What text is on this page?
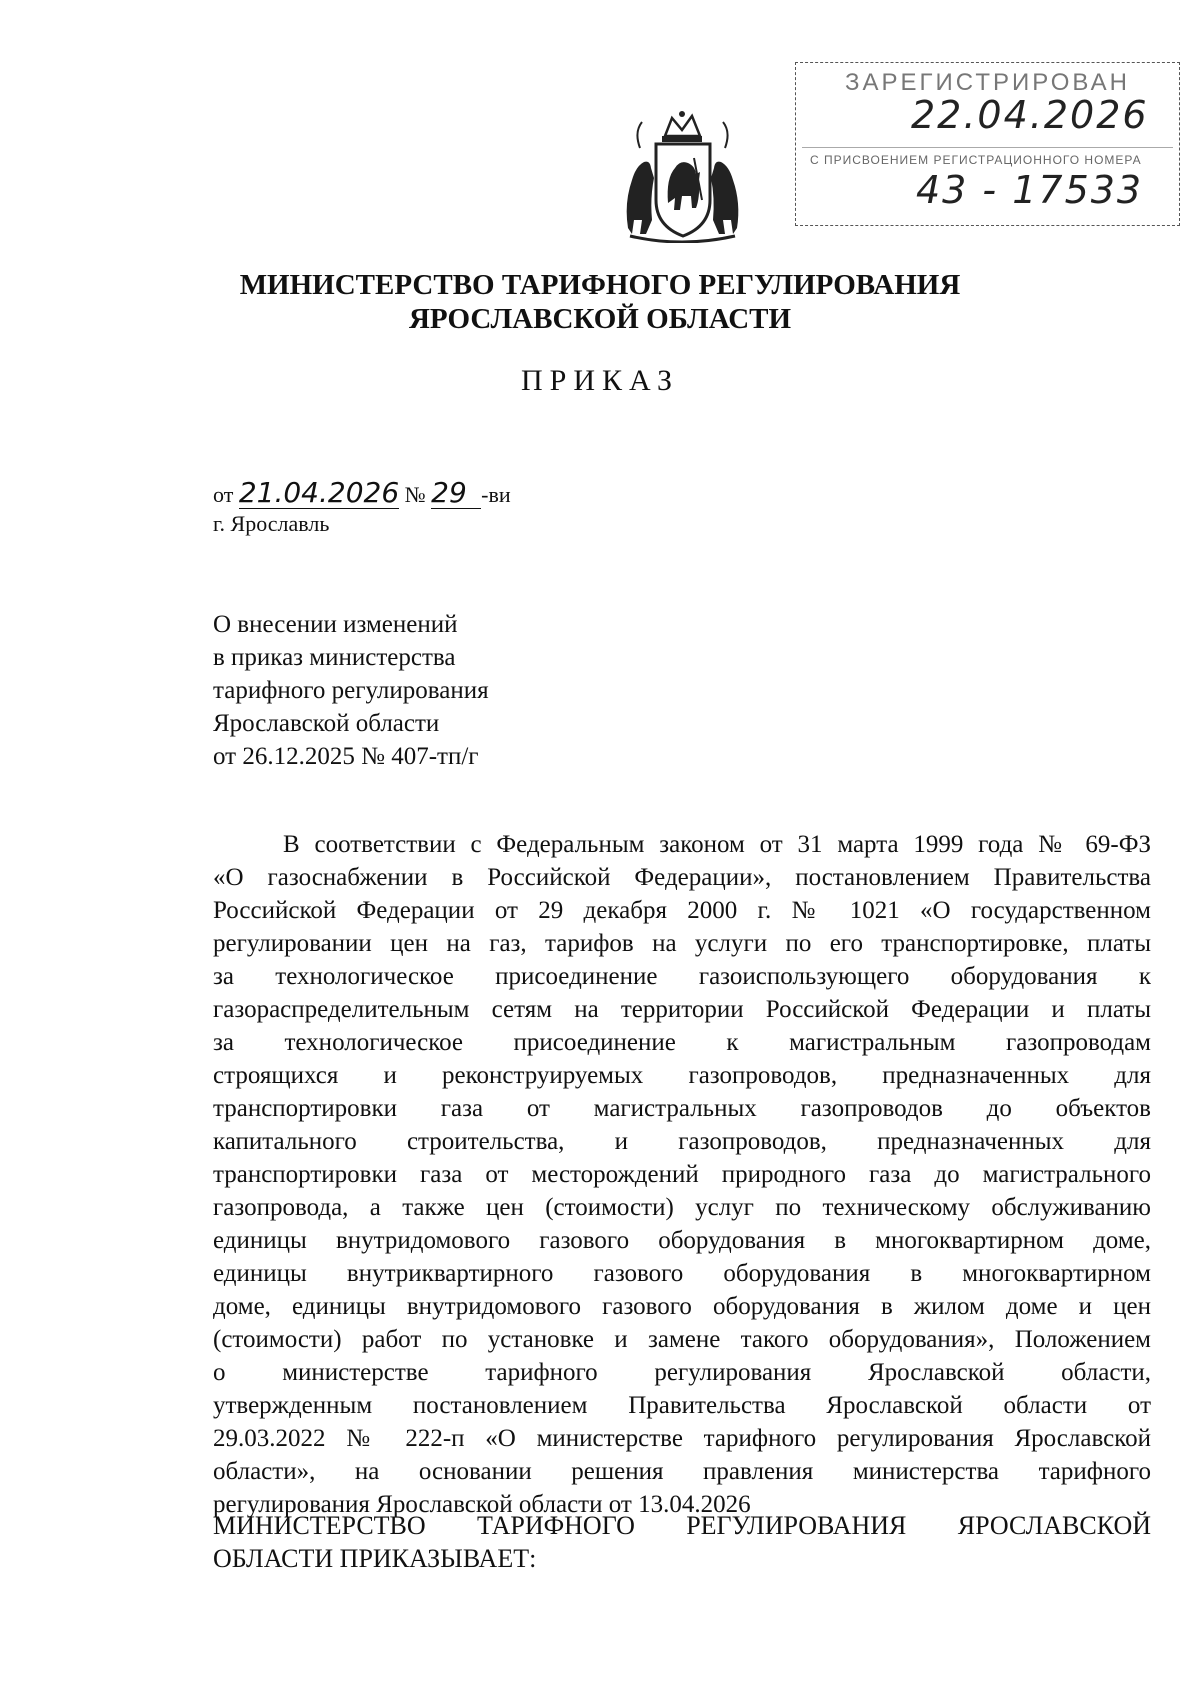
ЗАРЕГИСТРИРОВАН
22.04.2026
С ПРИСВОЕНИЕМ РЕГИСТРАЦИОННОГО НОМЕРА
43 - 17533
МИНИСТЕРСТВО ТАРИФНОГО РЕГУЛИРОВАНИЯ
ЯРОСЛАВСКОЙ ОБЛАСТИ
ПРИКАЗ
от 21.04.2026 № 29 -ви
г. Ярославль
О внесении изменений
в приказ министерства
тарифного регулирования
Ярославской области
от 26.12.2025 № 407-тп/г
В соответствии с Федеральным законом от 31 марта 1999 года № 69-ФЗ
«О газоснабжении в Российской Федерации», постановлением Правительства
Российской Федерации от 29 декабря 2000 г. № 1021 «О государственном
регулировании цен на газ, тарифов на услуги по его транспортировке, платы
за технологическое присоединение газоиспользующего оборудования к
газораспределительным сетям на территории Российской Федерации и платы
за технологическое присоединение к магистральным газопроводам
строящихся и реконструируемых газопроводов, предназначенных для
транспортировки газа от магистральных газопроводов до объектов
капитального строительства, и газопроводов, предназначенных для
транспортировки газа от месторождений природного газа до магистрального
газопровода, а также цен (стоимости) услуг по техническому обслуживанию
единицы внутридомового газового оборудования в многоквартирном доме,
единицы внутриквартирного газового оборудования в многоквартирном
доме, единицы внутридомового газового оборудования в жилом доме и цен
(стоимости) работ по установке и замене такого оборудования», Положением
о министерстве тарифного регулирования Ярославской области,
утвержденным постановлением Правительства Ярославской области от
29.03.2022 № 222-п «О министерстве тарифного регулирования Ярославской
области», на основании решения правления министерства тарифного
регулирования Ярославской области от 13.04.2026
МИНИСТЕРСТВО ТАРИФНОГО РЕГУЛИРОВАНИЯ ЯРОСЛАВСКОЙ
ОБЛАСТИ ПРИКАЗЫВАЕТ:
